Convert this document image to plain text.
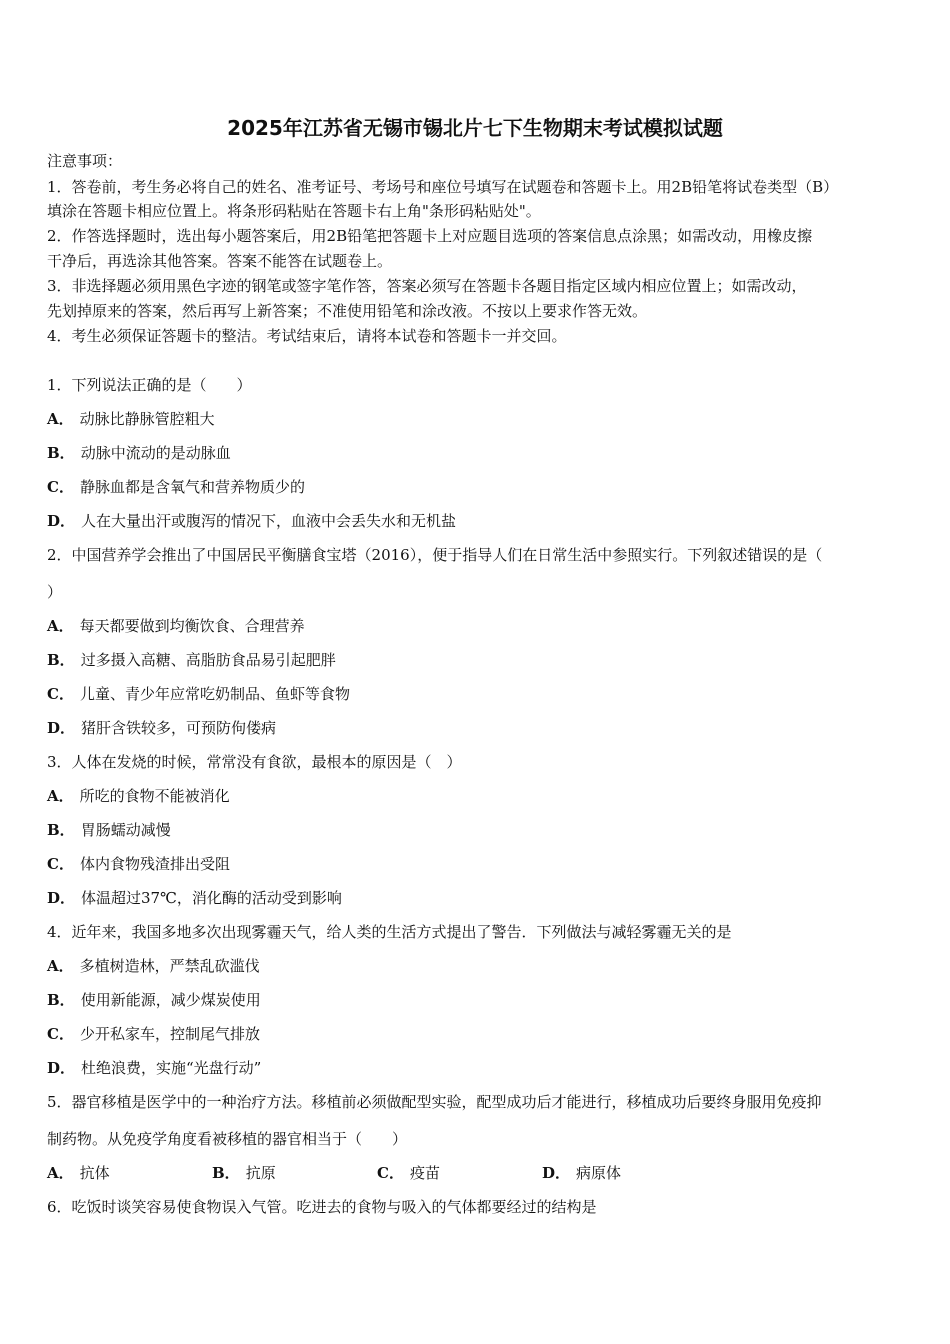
2025年江苏省无锡市锡北片七下生物期末考试模拟试题
注意事项：
1．答卷前，考生务必将自己的姓名、准考证号、考场号和座位号填写在试题卷和答题卡上。用2B铅笔将试卷类型（B）
填涂在答题卡相应位置上。将条形码粘贴在答题卡右上角"条形码粘贴处"。
2．作答选择题时，选出每小题答案后，用2B铅笔把答题卡上对应题目选项的答案信息点涂黑；如需改动，用橡皮擦
干净后，再选涂其他答案。答案不能答在试题卷上。
3．非选择题必须用黑色字迹的钢笔或签字笔作答，答案必须写在答题卡各题目指定区域内相应位置上；如需改动，
先划掉原来的答案，然后再写上新答案；不准使用铅笔和涂改液。不按以上要求作答无效。
4．考生必须保证答题卡的整洁。考试结束后，请将本试卷和答题卡一并交回。
1．下列说法正确的是（　　）
A． 动脉比静脉管腔粗大
B． 动脉中流动的是动脉血
C． 静脉血都是含氧气和营养物质少的
D． 人在大量出汗或腹泻的情况下，血液中会丢失水和无机盐
2．中国营养学会推出了中国居民平衡膳食宝塔（2016），便于指导人们在日常生活中参照实行。下列叙述错误的是（
）
A． 每天都要做到均衡饮食、合理营养
B． 过多摄入高糖、高脂肪食品易引起肥胖
C． 儿童、青少年应常吃奶制品、鱼虾等食物
D． 猪肝含铁较多，可预防佝偻病
3．人体在发烧的时候，常常没有食欲，最根本的原因是（　）
A． 所吃的食物不能被消化
B． 胃肠蠕动减慢
C． 体内食物残渣排出受阻
D． 体温超过37℃，消化酶的活动受到影响
4．近年来，我国多地多次出现雾霾天气，给人类的生活方式提出了警告．下列做法与减轻雾霾无关的是
A． 多植树造林，严禁乱砍滥伐
B． 使用新能源，减少煤炭使用
C． 少开私家车，控制尾气排放
D． 杜绝浪费，实施“光盘行动”
5．器官移植是医学中的一种治疗方法。移植前必须做配型实验，配型成功后才能进行，移植成功后要终身服用免疫抑
制药物。从免疫学角度看被移植的器官相当于（　　）
A． 抗体	B． 抗原	C． 疫苗	D． 病原体
6．吃饭时谈笑容易使食物误入气管。吃进去的食物与吸入的气体都要经过的结构是
